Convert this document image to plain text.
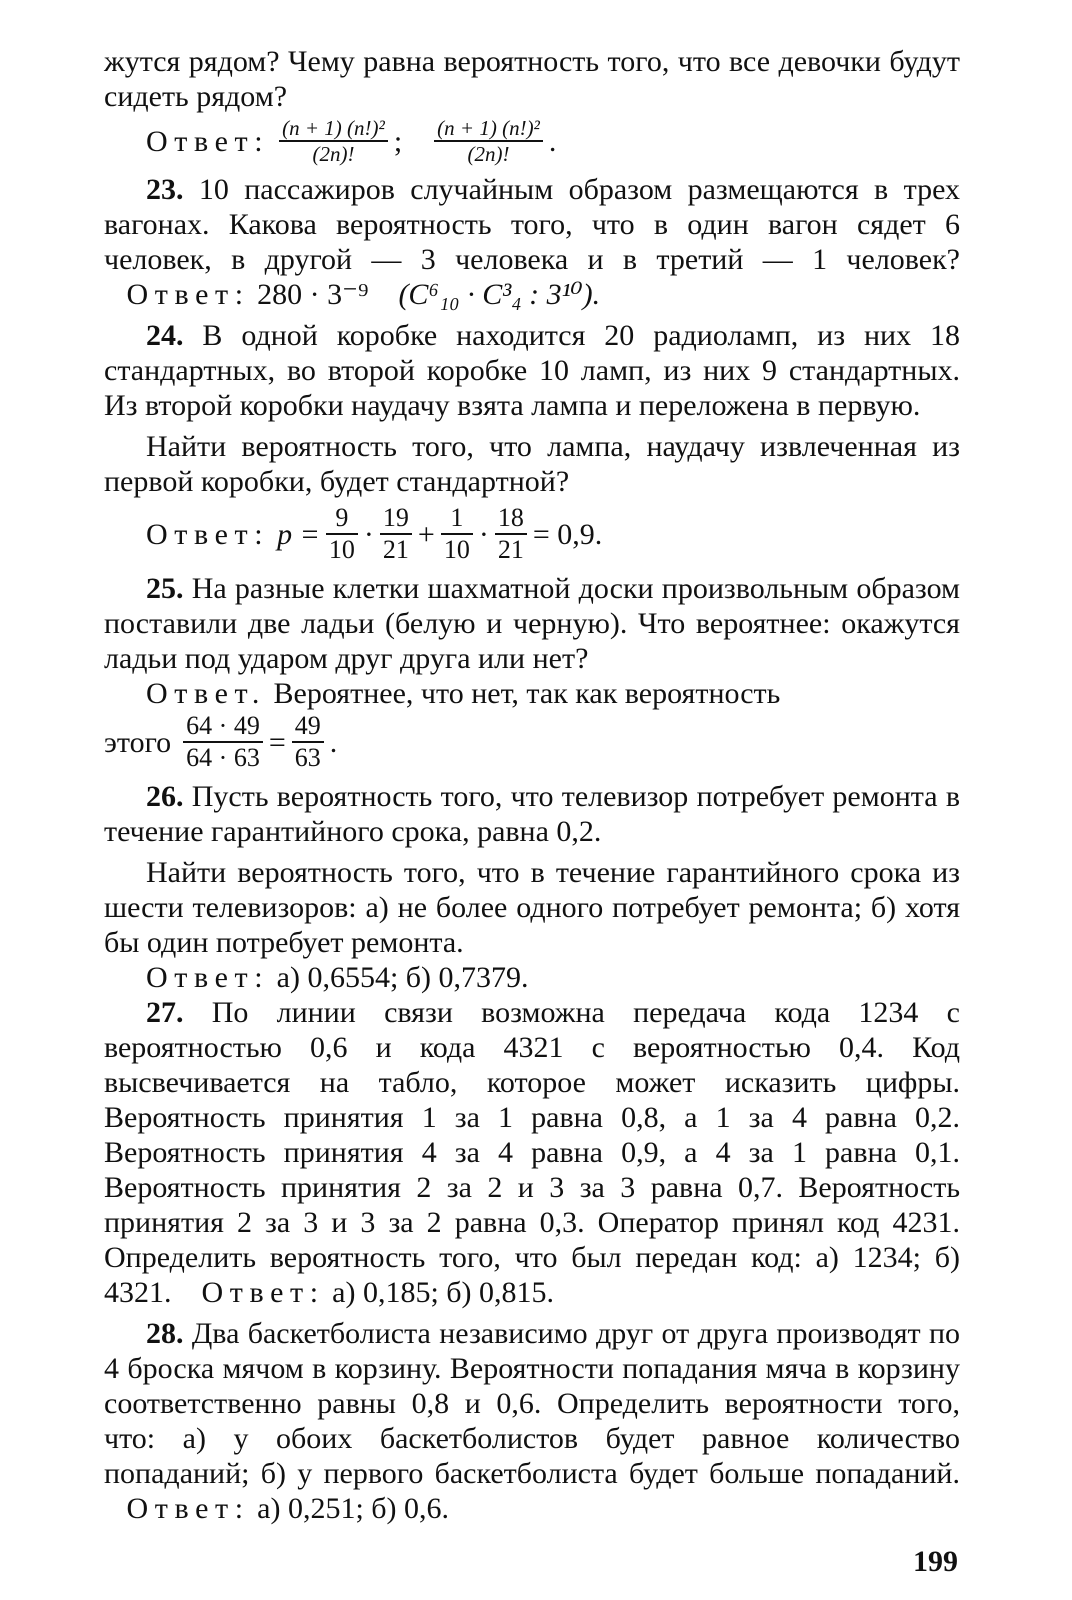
жутся рядом? Чему равна вероятность того, что все девочки будут сидеть рядом?

Ответ: $\frac{\text{(n + 1) (n!)²}}{(2n)!}$ ; $\frac{\text{(n + 1) (n!)²}}{(2n)!}$ .

23. 10 пассажиров случайным образом размещаются в трех вагонах. Какова вероятность того, что в один вагон сядет 6 человек, в другой — 3 человека и в третий — 1 человек?    Ответ: 280 · 3⁻⁹ (C⁶₁₀ · C³₄ : 3¹⁰).

24. В одной коробке находится 20 радиоламп, из них 18 стандартных, во второй коробке 10 ламп, из них 9 стандартных. Из второй коробки наудачу взята лампа и переложена в первую.

Найти вероятность того, что лампа, наудачу извлеченная из первой коробки, будет стандартной?

Ответ: $p = \frac{9}{10} \cdot \frac{19}{21} + \frac{1}{10} \cdot \frac{18}{21} = 0,9$.

25. На разные клетки шахматной доски произвольным образом поставили две ладьи (белую и черную). Что вероятнее: окажутся ладьи под ударом друг друга или нет?

Ответ. Вероятнее, что нет, так как вероятность

этого $\frac{64 \cdot 49}{64 \cdot 63} = \frac{49}{63}$ .

26. Пусть вероятность того, что телевизор потребует ремонта в течение гарантийного срока, равна 0,2.

Найти вероятность того, что в течение гарантийного срока из шести телевизоров: а) не более одного потребует ремонта; б) хотя бы один потребует ремонта.

Ответ: а) 0,6554; б) 0,7379.

27. По линии связи возможна передача кода 1234 с вероятностью 0,6 и кода 4321 с вероятностью 0,4. Код высвечивается на табло, которое может исказить цифры. Вероятность принятия 1 за 1 равна 0,8, а 1 за 4 равна 0,2. Вероятность принятия 4 за 4 равна 0,9, а 4 за 1 равна 0,1. Вероятность принятия 2 за 2 и 3 за 3 равна 0,7. Вероятность принятия 2 за 3 и 3 за 2 равна 0,3. Оператор принял код 4231. Определить вероятность того, что был передан код: а) 1234; б) 4321. Ответ: а) 0,185; б) 0,815.

28. Два баскетболиста независимо друг от друга производят по 4 броска мячом в корзину. Вероятности попадания мяча в корзину соответственно равны 0,8 и 0,6. Определить вероятности того, что: а) у обоих баскетболистов будет равное количество попаданий; б) у первого баскетболиста будет больше попаданий.    Ответ: а) 0,251; б) 0,6.

199
